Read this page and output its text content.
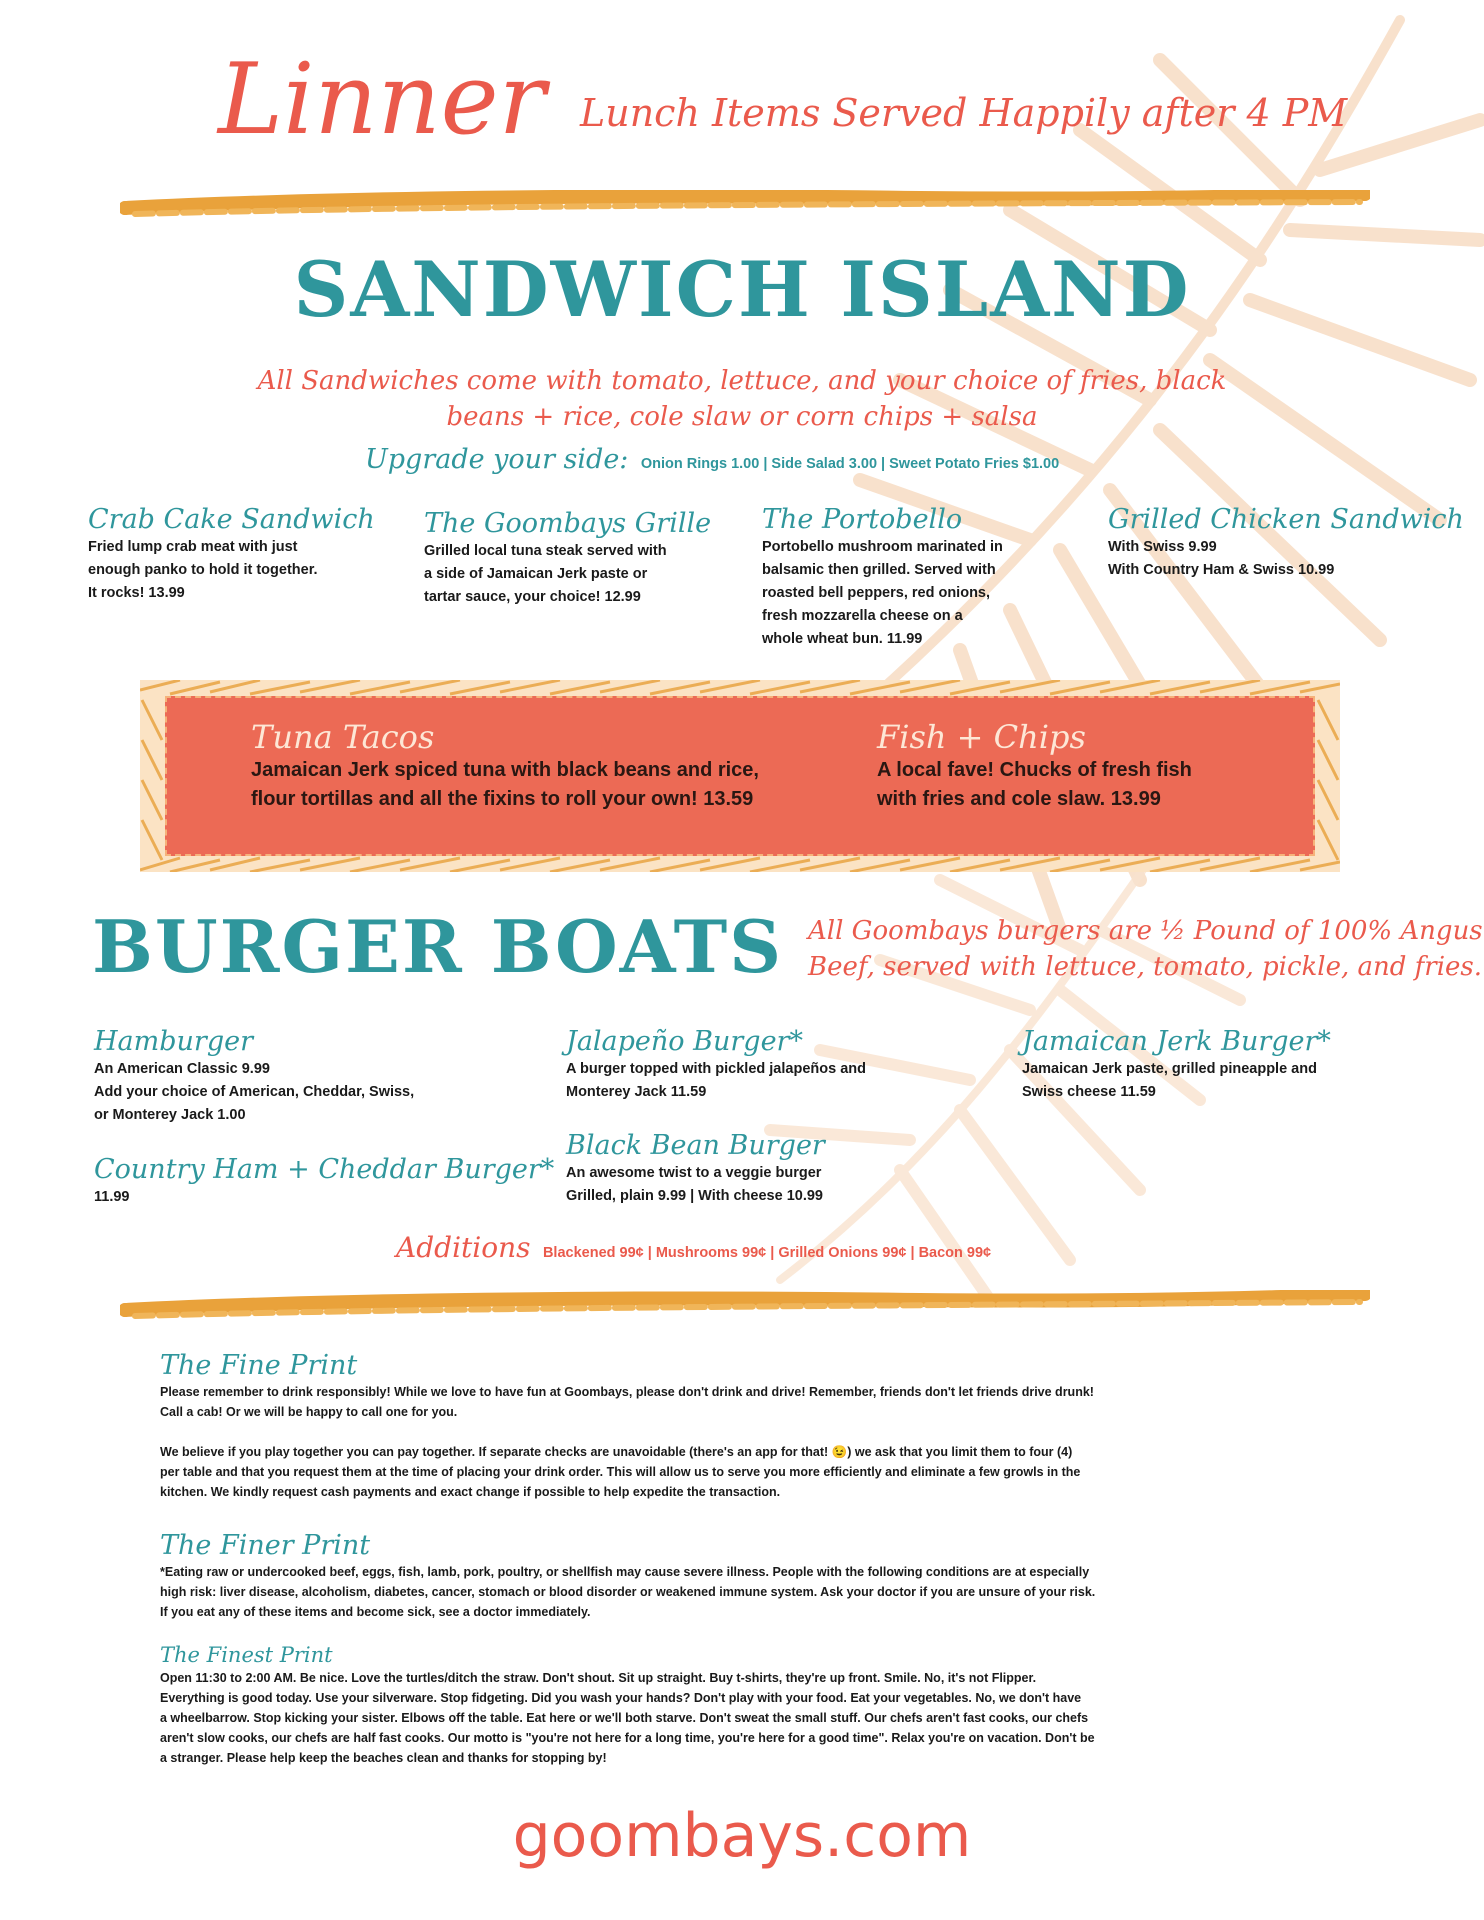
Linner Lunch Items Served Happily after 4 PM
SANDWICH ISLAND
All Sandwiches come with tomato, lettuce, and your choice of fries, black
beans + rice, cole slaw or corn chips + salsa
Upgrade your side: Onion Rings 1.00 | Side Salad 3.00 | Sweet Potato Fries $1.00
Crab Cake Sandwich
Fried lump crab meat with just
enough panko to hold it together.
It rocks! 13.99
The Goombays Grille
Grilled local tuna steak served with
a side of Jamaican Jerk paste or
tartar sauce, your choice! 12.99
The Portobello
Portobello mushroom marinated in
balsamic then grilled. Served with
roasted bell peppers, red onions,
fresh mozzarella cheese on a
whole wheat bun. 11.99
Grilled Chicken Sandwich
With Swiss 9.99
With Country Ham & Swiss 10.99
Tuna Tacos
Jamaican Jerk spiced tuna with black beans and rice,
flour tortillas and all the fixins to roll your own! 13.59
Fish + Chips
A local fave! Chucks of fresh fish
with fries and cole slaw. 13.99
BURGER BOATS All Goombays burgers are ½ Pound of 100% Angus
Beef, served with lettuce, tomato, pickle, and fries.
Hamburger
An American Classic 9.99
Add your choice of American, Cheddar, Swiss,
or Monterey Jack 1.00
Country Ham + Cheddar Burger*
11.99
Jalapeño Burger*
A burger topped with pickled jalapeños and
Monterey Jack 11.59
Black Bean Burger
An awesome twist to a veggie burger
Grilled, plain 9.99 | With cheese 10.99
Jamaican Jerk Burger*
Jamaican Jerk paste, grilled pineapple and
Swiss cheese 11.59
Additions Blackened 99¢ | Mushrooms 99¢ | Grilled Onions 99¢ | Bacon 99¢
The Fine Print
Please remember to drink responsibly! While we love to have fun at Goombays, please don't drink and drive! Remember, friends don't let friends drive drunk!
Call a cab! Or we will be happy to call one for you.
We believe if you play together you can pay together. If separate checks are unavoidable (there's an app for that! 😉) we ask that you limit them to four (4)
per table and that you request them at the time of placing your drink order. This will allow us to serve you more efficiently and eliminate a few growls in the
kitchen. We kindly request cash payments and exact change if possible to help expedite the transaction.
The Finer Print
*Eating raw or undercooked beef, eggs, fish, lamb, pork, poultry, or shellfish may cause severe illness. People with the following conditions are at especially
high risk: liver disease, alcoholism, diabetes, cancer, stomach or blood disorder or weakened immune system. Ask your doctor if you are unsure of your risk.
If you eat any of these items and become sick, see a doctor immediately.
The Finest Print
Open 11:30 to 2:00 AM. Be nice. Love the turtles/ditch the straw. Don't shout. Sit up straight. Buy t-shirts, they're up front. Smile. No, it's not Flipper.
Everything is good today. Use your silverware. Stop fidgeting. Did you wash your hands? Don't play with your food. Eat your vegetables. No, we don't have
a wheelbarrow. Stop kicking your sister. Elbows off the table. Eat here or we'll both starve. Don't sweat the small stuff. Our chefs aren't fast cooks, our chefs
aren't slow cooks, our chefs are half fast cooks. Our motto is "you're not here for a long time, you're here for a good time". Relax you're on vacation. Don't be
a stranger. Please help keep the beaches clean and thanks for stopping by!
goombays.com
